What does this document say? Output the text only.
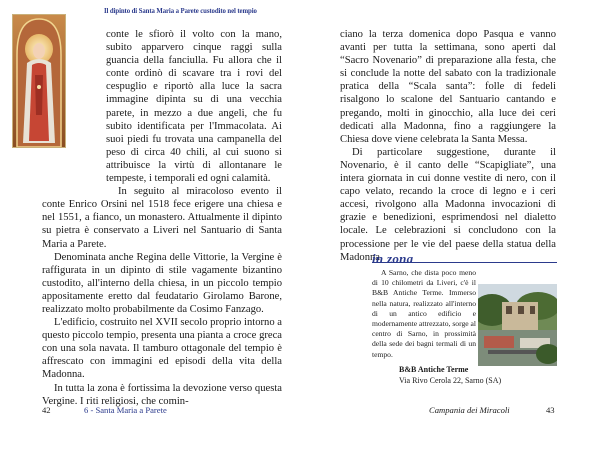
Il dipinto di Santa Maria a Parete custodito nel tempio

conte le sfiorò il volto con la mano, subito apparvero cinque raggi sulla guancia della fanciulla. Fu allora che il conte ordinò di scavare tra i rovi del cespuglio e riportò alla luce la sacra immagine dipinta su di una vecchia parete, in mezzo a due angeli, che fu subito identificata per l'Immacolata. Ai suoi piedi fu trovata una campanella del peso di circa 40 chili, al cui suono si attribuisce la virtù di allontanare le tempeste, i temporali ed ogni calamità.

In seguito al miracoloso evento il conte Enrico Orsini nel 1518 fece erigere una chiesa e nel 1551, a fianco, un monastero. Attualmente il dipinto su pietra è conservato a Liveri nel Santuario di Santa Maria a Parete.

Denominata anche Regina delle Vittorie, la Vergine è raffigurata in un dipinto di stile vagamente bizantino custodito, all'interno della chiesa, in un piccolo tempio appositamente eretto dal feudatario Girolamo Barone, realizzato molto probabilmente da Cosimo Fanzago.

L'edificio, costruito nel XVII secolo proprio intorno a questo piccolo tempio, presenta una pianta a croce greca con una sola navata. Il tamburo ottagonale del tempio è affrescato con immagini ed episodi della vita della Madonna.

In tutta la zona è fortissima la devozione verso questa Vergine. I riti religiosi, che comin-

ciano la terza domenica dopo Pasqua e vanno avanti per tutta la settimana, sono aperti dal “Sacro Novenario” di preparazione alla festa, che si conclude la notte del sabato con la tradizionale pratica della “Scala santa”: folle di fedeli risalgono lo scalone del Santuario cantando e pregando, molti in ginocchio, alla luce dei ceri dedicati alla Madonna, fino a raggiungere la Chiesa dove viene celebrata la Santa Messa.

Di particolare suggestione, durante il Novenario, è il canto delle “Scapigliate”, una intera giornata in cui donne vestite di nero, con il capo velato, recando la croce di legno e i ceri accesi, rivolgono alla Madonna invocazioni di grazie e benedizioni, esprimendosi nel dialetto locale. Le celebrazioni si concludono con la processione per le vie del paese della statua della Madonna.

in zona

A Sarno, che dista poco meno di 10 chilometri da Liveri, c'è il B&B Antiche Terme. Immerso nella natura, realizzato all'interno di un antico edificio e modernamente attrezzato, sorge al centro di Sarno, in prossimità della sede dei bagni termali di un tempo.

B&B Antiche Terme
Via Rivo Cerola 22, Sarno (SA)
42	6 - Santa Maria a Parete	Campania dei Miracoli	43
